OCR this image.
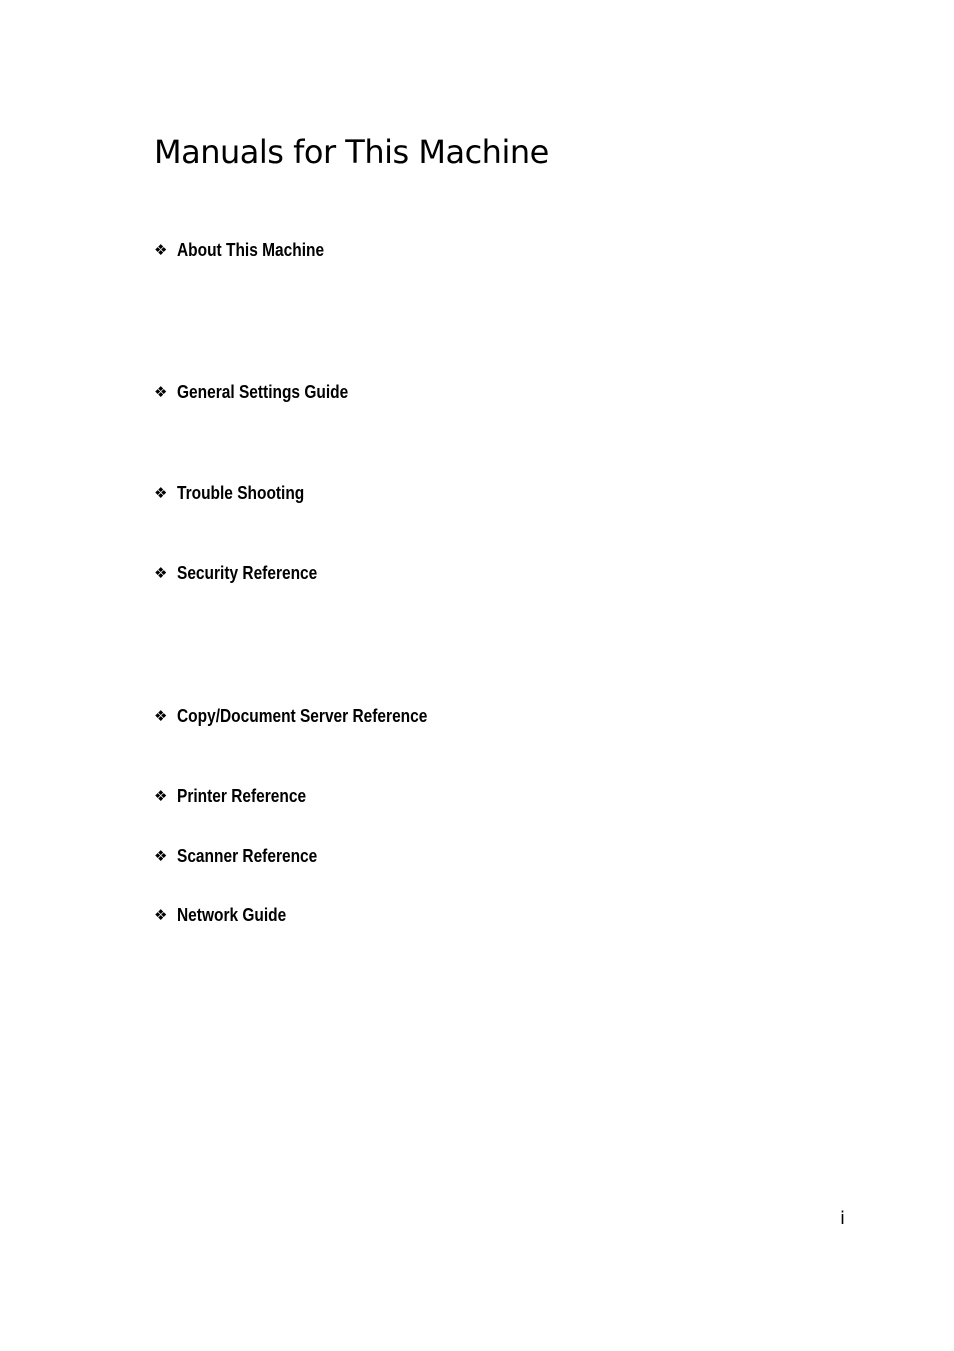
Manuals for This Machine
❖ About This Machine
❖ General Settings Guide
❖ Trouble Shooting
❖ Security Reference
❖ Copy/Document Server Reference
❖ Printer Reference
❖ Scanner Reference
❖ Network Guide
i
